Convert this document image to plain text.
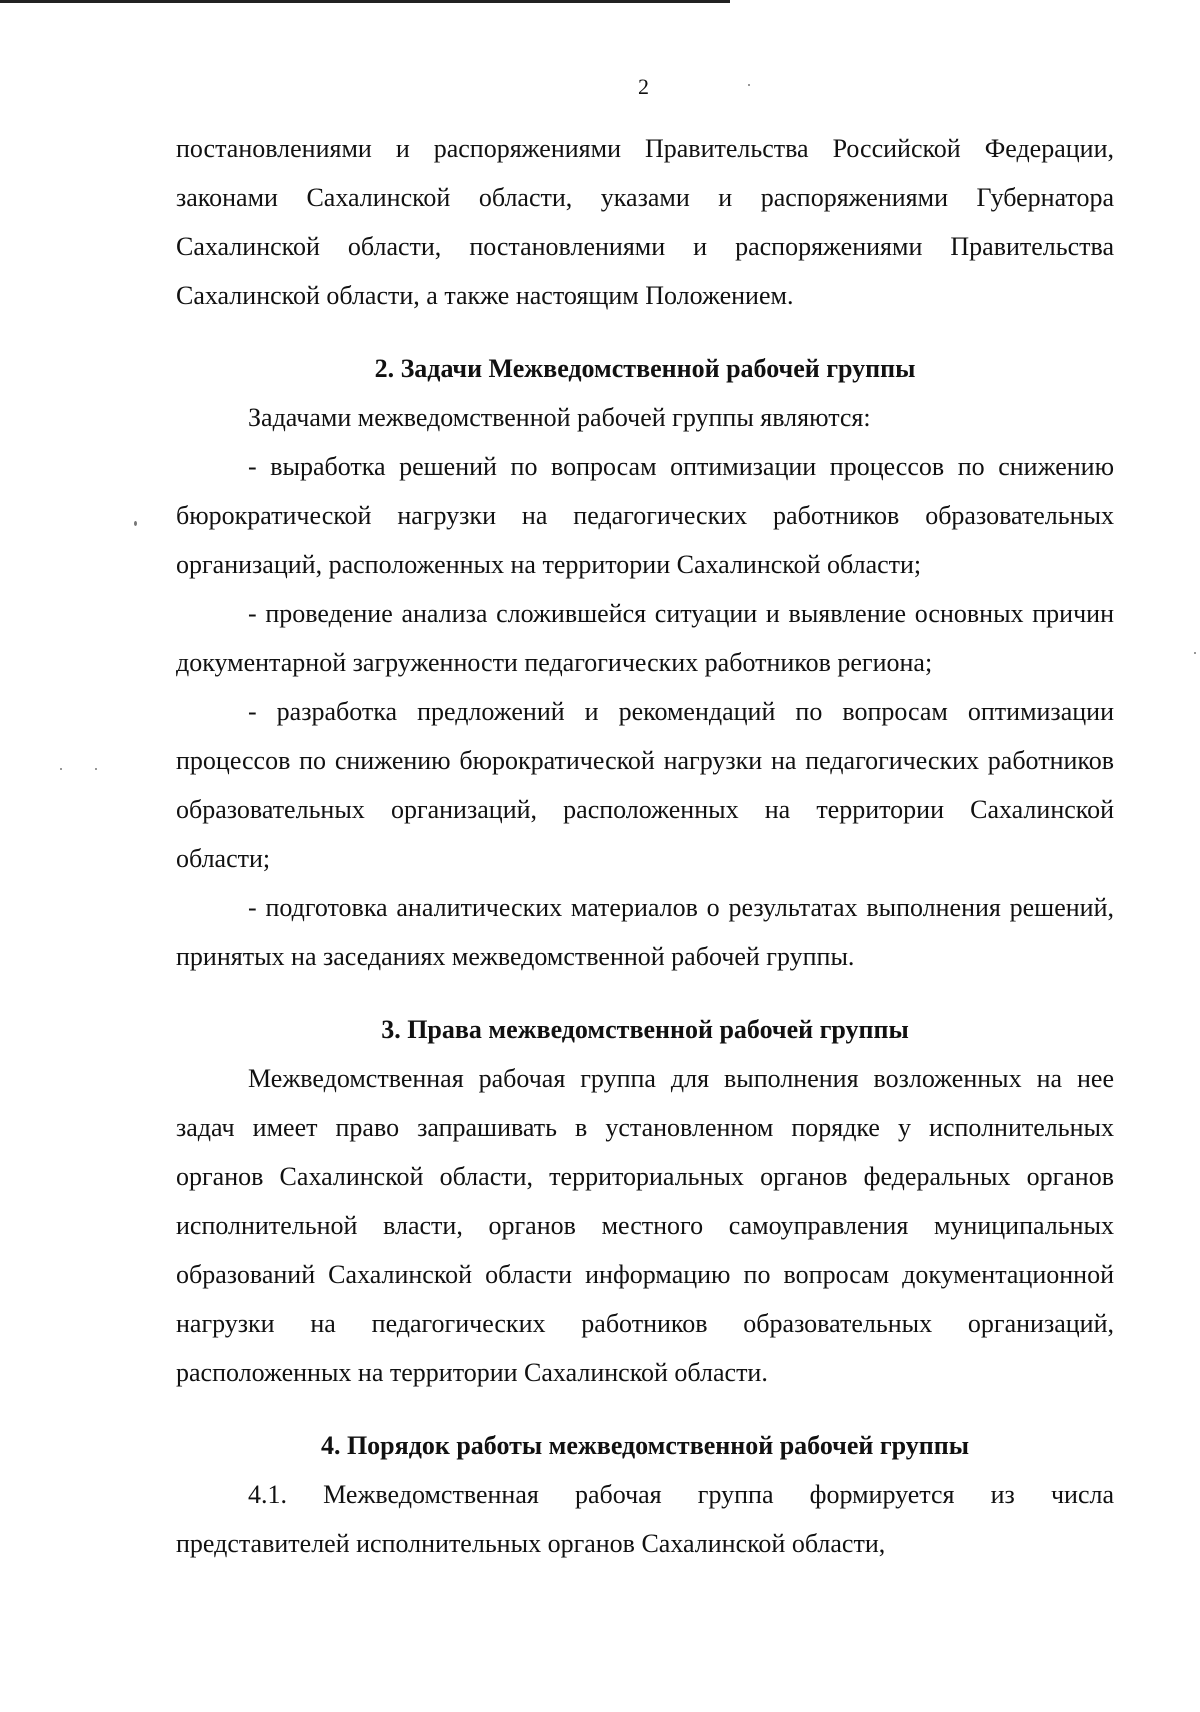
2

постановлениями и распоряжениями Правительства Российской Федерации, законами Сахалинской области, указами и распоряжениями Губернатора Сахалинской области, постановлениями и распоряжениями Правительства Сахалинской области, а также настоящим Положением.

2. Задачи Межведомственной рабочей группы

Задачами межведомственной рабочей группы являются:

- выработка решений по вопросам оптимизации процессов по снижению бюрократической нагрузки на педагогических работников образовательных организаций, расположенных на территории Сахалинской области;

- проведение анализа сложившейся ситуации и выявление основных причин документарной загруженности педагогических работников региона;

- разработка предложений и рекомендаций по вопросам оптимизации процессов по снижению бюрократической нагрузки на педагогических работников образовательных организаций, расположенных на территории Сахалинской области;

- подготовка аналитических материалов о результатах выполнения решений, принятых на заседаниях межведомственной рабочей группы.

3. Права межведомственной рабочей группы

Межведомственная рабочая группа для выполнения возложенных на нее задач имеет право запрашивать в установленном порядке у исполнительных органов Сахалинской области, территориальных органов федеральных органов исполнительной власти, органов местного самоуправления муниципальных образований Сахалинской области информацию по вопросам документационной нагрузки на педагогических работников образовательных организаций, расположенных на территории Сахалинской области.

4. Порядок работы межведомственной рабочей группы

4.1. Межведомственная рабочая группа формируется из числа представителей исполнительных органов Сахалинской области,
